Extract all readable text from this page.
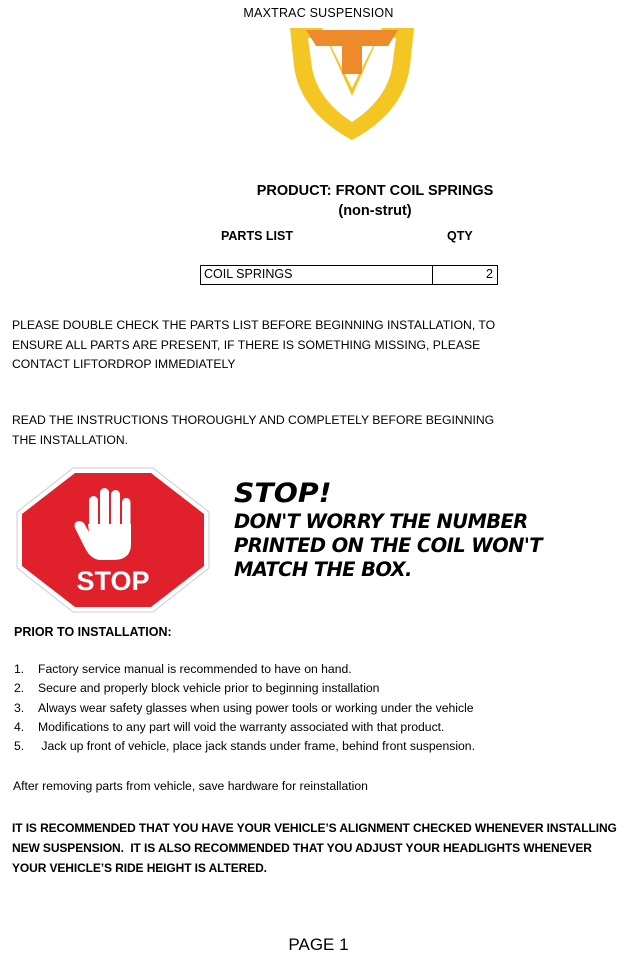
MAXTRAC SUSPENSION
PRODUCT: FRONT COIL SPRINGS
(non-strut)
PARTS LIST	QTY
COIL SPRINGS	2
PLEASE DOUBLE CHECK THE PARTS LIST BEFORE BEGINNING INSTALLATION, TO
ENSURE ALL PARTS ARE PRESENT, IF THERE IS SOMETHING MISSING, PLEASE
CONTACT LIFTORDROP IMMEDIATELY
READ THE INSTRUCTIONS THOROUGHLY AND COMPLETELY BEFORE BEGINNING
THE INSTALLATION.
STOP
STOP!
DON'T WORRY THE NUMBER
PRINTED ON THE COIL WON'T
MATCH THE BOX.
PRIOR TO INSTALLATION:
1.	Factory service manual is recommended to have on hand.
2.	Secure and properly block vehicle prior to beginning installation
3.	Always wear safety glasses when using power tools or working under the vehicle
4.	Modifications to any part will void the warranty associated with that product.
5.	Jack up front of vehicle, place jack stands under frame, behind front suspension.
After removing parts from vehicle, save hardware for reinstallation
IT IS RECOMMENDED THAT YOU HAVE YOUR VEHICLE’S ALIGNMENT CHECKED WHENEVER INSTALLING
NEW SUSPENSION.  IT IS ALSO RECOMMENDED THAT YOU ADJUST YOUR HEADLIGHTS WHENEVER
YOUR VEHICLE’S RIDE HEIGHT IS ALTERED.
PAGE 1
